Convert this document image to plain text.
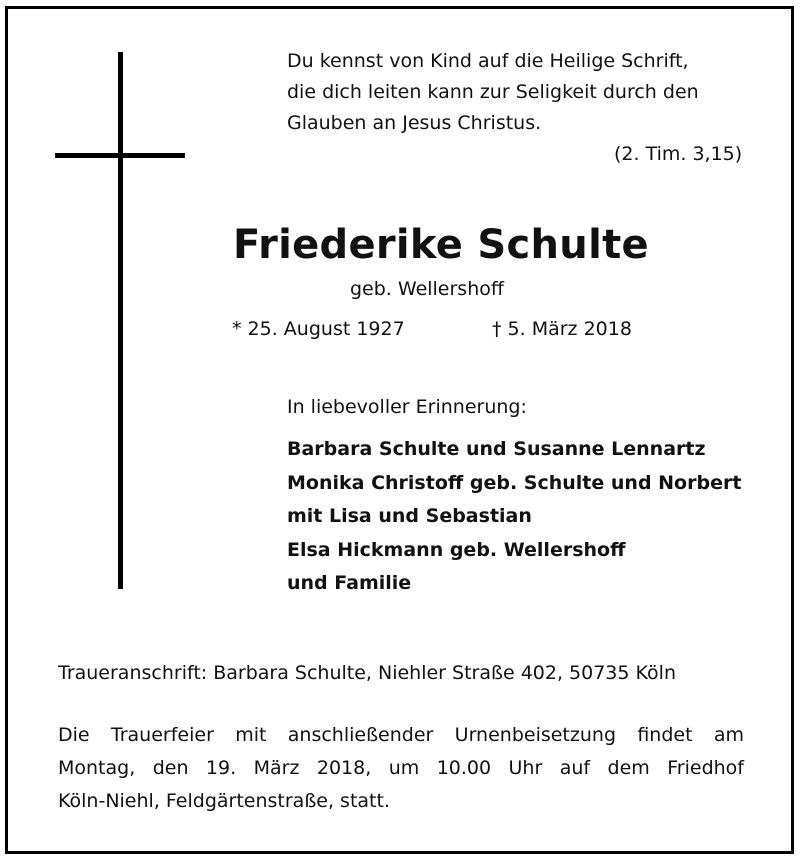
Du kennst von Kind auf die Heilige Schrift,
die dich leiten kann zur Seligkeit durch den
Glauben an Jesus Christus.
(2. Tim. 3,15)
Friederike Schulte
geb. Wellershoff
* 25. August 1927	† 5. März 2018
In liebevoller Erinnerung:
Barbara Schulte und Susanne Lennartz
Monika Christoff geb. Schulte und Norbert
mit Lisa und Sebastian
Elsa Hickmann geb. Wellershoff
und Familie
Traueranschrift: Barbara Schulte, Niehler Straße 402, 50735 Köln
Die Trauerfeier mit anschließender Urnenbeisetzung findet am
Montag, den 19. März 2018, um 10.00 Uhr auf dem Friedhof
Köln-Niehl, Feldgärtenstraße, statt.
